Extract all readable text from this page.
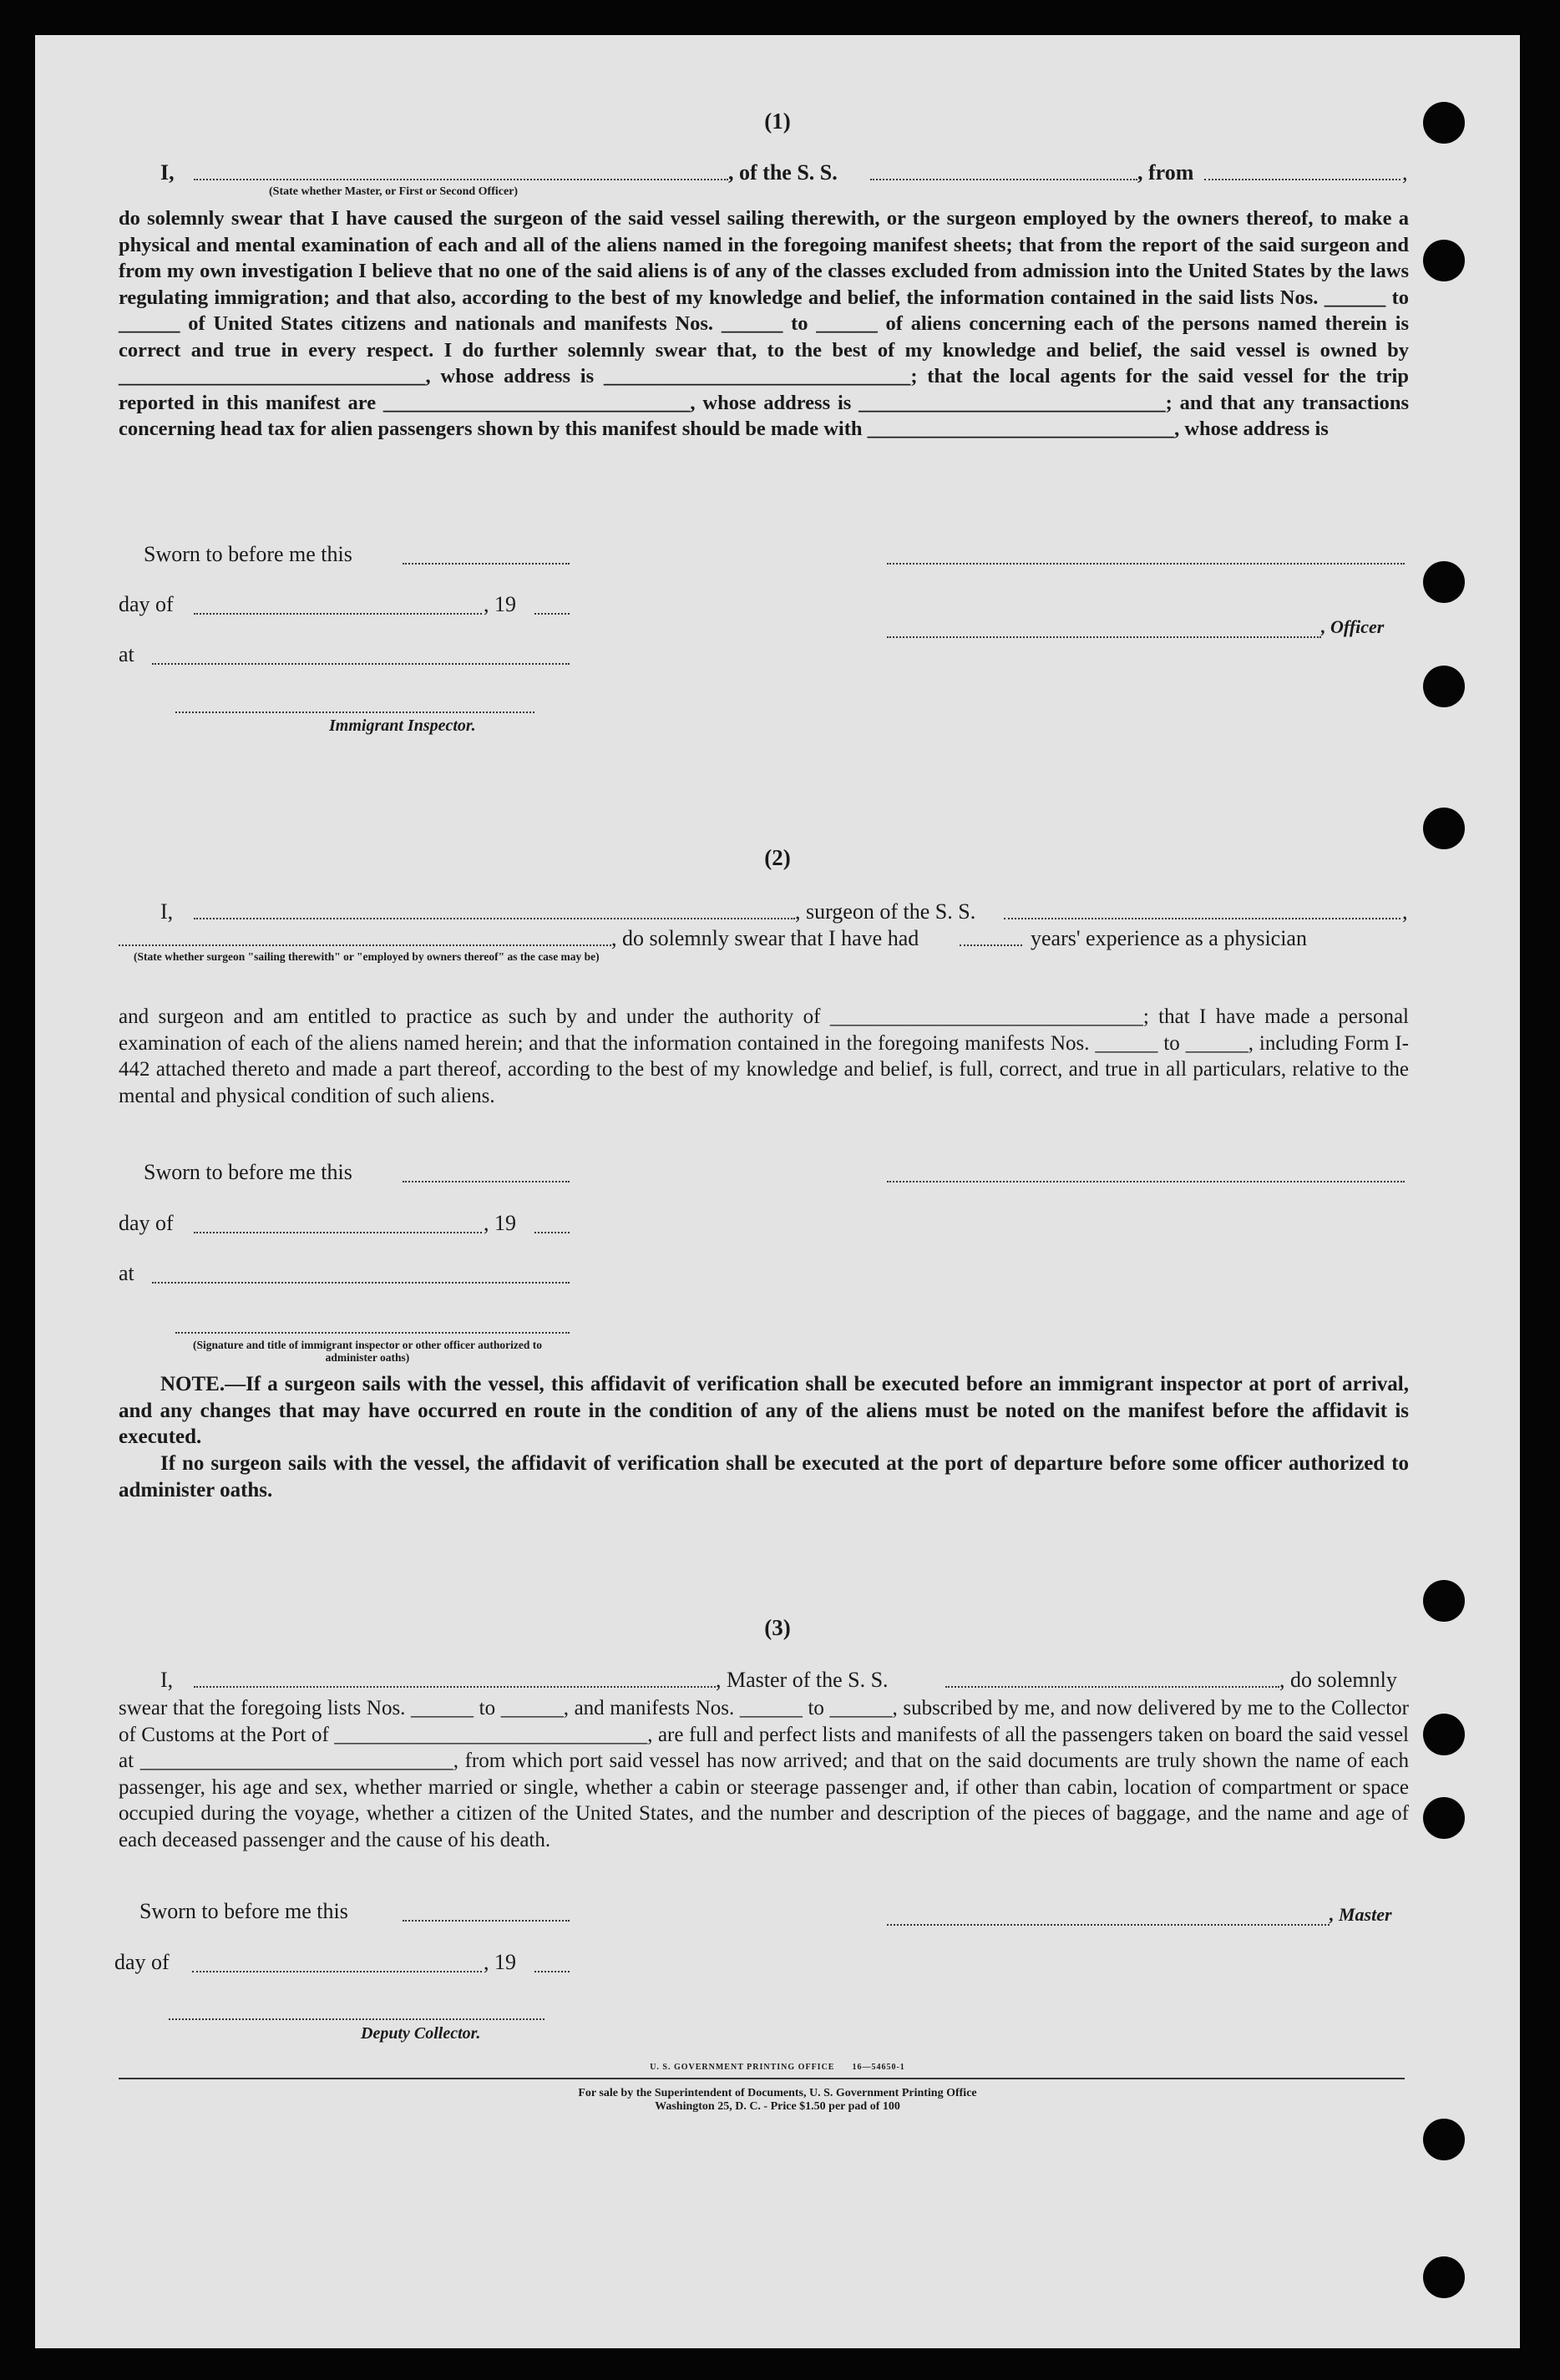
(1)
I,	, of the S. S.	, from	,
(State whether Master, or First or Second Officer)
do solemnly swear that I have caused the surgeon of the said vessel sailing therewith, or the surgeon employed by the owners thereof, to make a physical and mental examination of each and all of the aliens named in the foregoing manifest sheets; that from the report of the said surgeon and from my own investigation I believe that no one of the said aliens is of any of the classes excluded from admission into the United States by the laws regulating immigration; and that also, according to the best of my knowledge and belief, the information contained in the said lists Nos. ______ to ______ of United States citizens and nationals and manifests Nos. ______ to ______ of aliens concerning each of the persons named therein is correct and true in every respect. I do further solemnly swear that, to the best of my knowledge and belief, the said vessel is owned by ______________________________, whose address is ______________________________; that the local agents for the said vessel for the trip reported in this manifest are ______________________________, whose address is ______________________________; and that any transactions concerning head tax for alien passengers shown by this manifest should be made with ______________________________, whose address is
Sworn to before me this
day of	, 19
, Officer
at
Immigrant Inspector.
(2)
I,	, surgeon of the S. S.	,
, do solemnly swear that I have had	years' experience as a physician
(State whether surgeon "sailing therewith" or "employed by owners thereof" as the case may be)
and surgeon and am entitled to practice as such by and under the authority of ______________________________; that I have made a personal examination of each of the aliens named herein; and that the information contained in the foregoing manifests Nos. ______ to ______, including Form I-442 attached thereto and made a part thereof, according to the best of my knowledge and belief, is full, correct, and true in all particulars, relative to the mental and physical condition of such aliens.
Sworn to before me this
day of	, 19
at
(Signature and title of immigrant inspector or other officer authorized to administer oaths)
NOTE.—If a surgeon sails with the vessel, this affidavit of verification shall be executed before an immigrant inspector at port of arrival, and any changes that may have occurred en route in the condition of any of the aliens must be noted on the manifest before the affidavit is executed.
If no surgeon sails with the vessel, the affidavit of verification shall be executed at the port of departure before some officer authorized to administer oaths.
(3)
I,	, Master of the S. S.	, do solemnly
swear that the foregoing lists Nos. ______ to ______, and manifests Nos. ______ to ______, subscribed by me, and now delivered by me to the Collector of Customs at the Port of ______________________________, are full and perfect lists and manifests of all the passengers taken on board the said vessel at ______________________________, from which port said vessel has now arrived; and that on the said documents are truly shown the name of each passenger, his age and sex, whether married or single, whether a cabin or steerage passenger and, if other than cabin, location of compartment or space occupied during the voyage, whether a citizen of the United States, and the number and description of the pieces of baggage, and the name and age of each deceased passenger and the cause of his death.
Sworn to before me this	, Master
day of	, 19
Deputy Collector.
U. S. GOVERNMENT PRINTING OFFICE      16—54650-1
For sale by the Superintendent of Documents, U. S. Government Printing Office
Washington 25, D. C. - Price $1.50 per pad of 100
